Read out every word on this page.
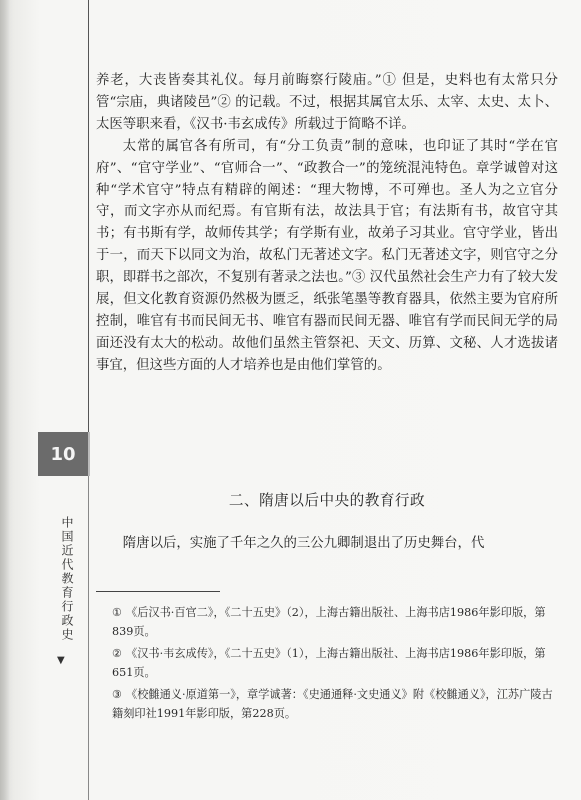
10
中国近代教育行政史
▼

养老，大丧皆奏其礼仪。每月前晦察行陵庙。”① 但是，史料也有太常只分管“宗庙，典诸陵邑”② 的记载。不过，根据其属官太乐、太宰、太史、太卜、太医等职来看，《汉书·韦玄成传》所载过于简略不详。

太常的属官各有所司，有“分工负责”制的意味，也印证了其时“学在官府”、“官守学业”、“官师合一”、“政教合一”的笼统混沌特色。章学诚曾对这种“学术官守”特点有精辟的阐述：“理大物博，不可殚也。圣人为之立官分守，而文字亦从而纪焉。有官斯有法，故法具于官；有法斯有书，故官守其书；有书斯有学，故师传其学；有学斯有业，故弟子习其业。官守学业，皆出于一，而天下以同文为治，故私门无著述文字。私门无著述文字，则官守之分职，即群书之部次，不复别有著录之法也。”③ 汉代虽然社会生产力有了较大发展，但文化教育资源仍然极为匮乏，纸张笔墨等教育器具，依然主要为官府所控制，唯官有书而民间无书、唯官有器而民间无器、唯官有学而民间无学的局面还没有太大的松动。故他们虽然主管祭祀、天文、历算、文秘、人才选拔诸事宜，但这些方面的人才培养也是由他们掌管的。

二、隋唐以后中央的教育行政
隋唐以后，实施了千年之久的三公九卿制退出了历史舞台，代

① 《后汉书·百官二》，《二十五史》（2），上海古籍出版社、上海书店1986年影印版，第839页。

② 《汉书·韦玄成传》，《二十五史》（1），上海古籍出版社、上海书店1986年影印版，第651页。

③ 《校雠通义·原道第一》，章学诚著：《史通通释·文史通义》附《校雠通义》，江苏广陵古籍刻印社1991年影印版，第228页。
